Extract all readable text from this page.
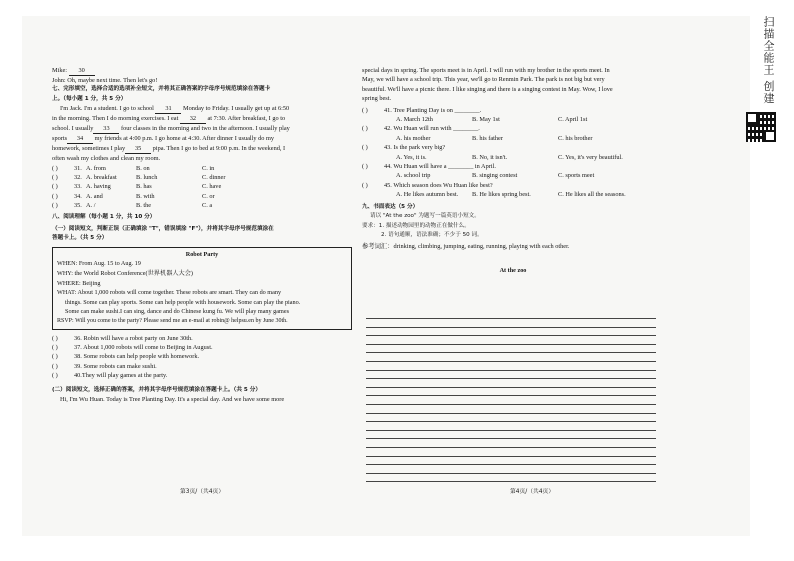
Mike: 30
John: Oh, maybe next time. Then let's go!
七、完形填空，选择合适的选项补全短文，并将其正确答案的字母序号规范填涂在答题卡
上。（每小题 1 分，共 5 分）
I'm Jack. I'm a student. I go to school 31 Monday to Friday. I usually get up at 6:50
in the morning. Then I do morning exercises. I eat 32 at 7:30. After breakfast, I go to
school. I usually 33 four classes in the morning and two in the afternoon. I usually play
sports 34 my friends at 4:00 p.m. I go home at 4:30. After dinner I usually do my
homework, sometimes I play 35 pipa. Then I go to bed at 9:00 p.m. In the weekend, I
often wash my clothes and clean my room.
( )	31. A. from	B. on	C. in
( )	32. A. breakfast	B. lunch	C. dinner
( )	33. A. having	B. has	C. have
( )	34. A. and	B. with	C. or
( )	35. A. /	B. the	C. a
八、阅读理解（每小题 1 分，共 10 分）
（一）阅读短文，判断正误（正确填涂 "T"，错误填涂 "F"），并将其字母序号规范填涂在
答题卡上。（共 5 分）
Robot Party
WHEN: From Aug. 15 to Aug. 19
WHY: the World Robot Conference(世界机器人大会)
WHERE: Beijing
WHAT: About 1,000 robots will come together. These robots are smart. They can do many
things. Some can play sports. Some can help people with housework. Some can play the piano.
Some can make sushi.I can sing, dance and do Chinese kung fu. We will play many games
RSVP: Will you come to the party? Please send me an e-mail at robin@ helpsu.en by June 30th.
( )	36. Robin will have a robot party on June 30th.
( )	37. About 1,000 robots will come to Beijing in August.
( )	38. Some robots can help people with homework.
( )	39. Some robots can make sushi.
( )	40.They will play games at the party.
(二）阅读短文，选择正确的答案，并将其字母序号规范填涂在答题卡上。（共 5 分）
Hi, I'm Wu Huan. Today is Tree Planting Day. It's a special day. And we have some more
第3页/（共4页）
special days in spring. The sports meet is in April. I will run with my brother in the sports meet. In
May, we will have a school trip. This year, we'll go to Renmin Park. The park is not big but very
beautiful. We'll have a picnic there. I like singing and there is a singing contest in May. Wow, I love
spring best.
( )	41. Tree Planting Day is on ________.
A. March 12th	B. May 1st	C. April 1st
( )	42. Wu Huan will run with ________.
A. his mother	B. his father	C. his brother
( )	43. Is the park very big?
A. Yes, it is.	B. No, it isn't.	C. Yes, it's very beautiful.
( )	44. Wu Huan will have a ________ in April.
A. school trip	B. singing contest	C. sports meet
( )	45. Which season does Wu Huan like best?
A. He likes autumn best.	B. He likes spring best.	C. He likes all the seasons.
九、书面表达（5 分）
请以 "At the zoo" 为题写一篇英语小短文。
要求：1. 描述动物园里的动物正在做什么。
2. 语句通顺，语法准确；不少于 50 词。
参考词汇：drinking, climbing, jumping, eating, running, playing with each other.
At the zoo
第4页/（共4页）
扫描全能王 创建
